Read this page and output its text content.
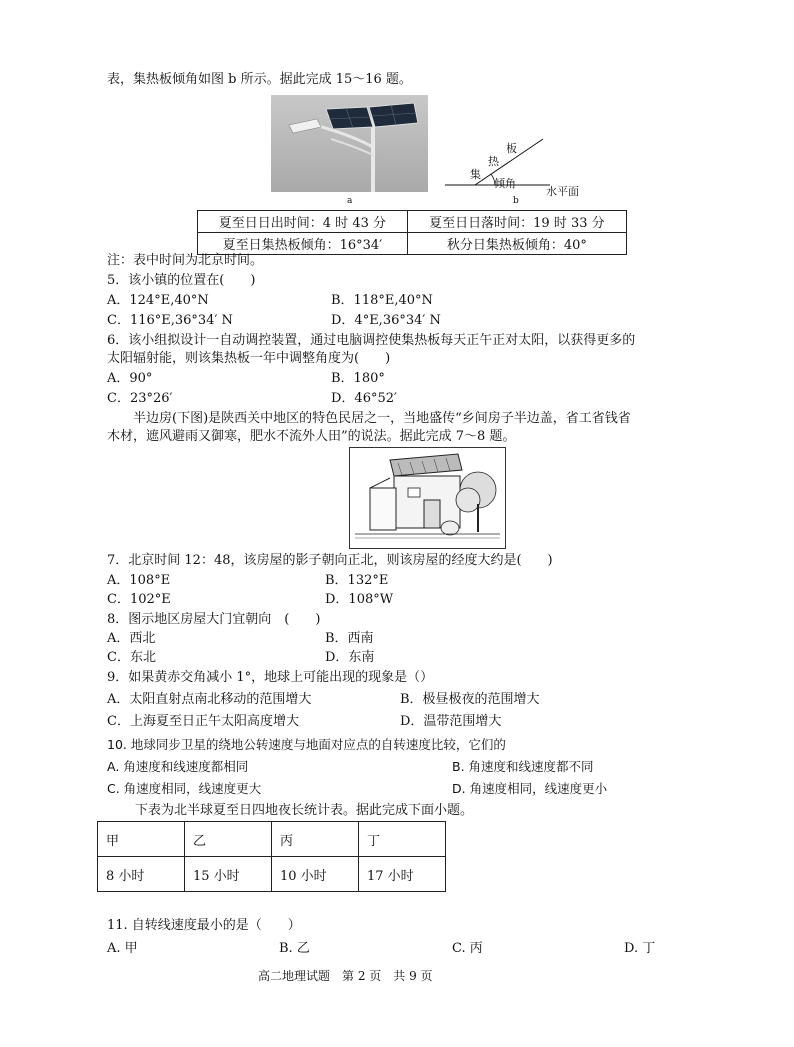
表，集热板倾角如图 b 所示。据此完成 15～16 题。
a
板
热
集
倾角
水平面
b
夏至日日出时间：4 时 43 分	夏至日日落时间：19 时 33 分
夏至日集热板倾角：16°34′	秋分日集热板倾角：40°
注：表中时间为北京时间。
5．该小镇的位置在(　　)
A．124°E,40°N	B．118°E,40°N
C．116°E,36°34′ N	D．4°E,36°34′ N
6．该小组拟设计一自动调控装置，通过电脑调控使集热板每天正午正对太阳，以获得更多的
太阳辐射能，则该集热板一年中调整角度为(　　)
A．90°	B．180°
C．23°26′	D．46°52′
半边房(下图)是陕西关中地区的特色民居之一，当地盛传“乡间房子半边盖，省工省钱省
木材，遮风避雨又御寒，肥水不流外人田”的说法。据此完成 7～8 题。
7．北京时间 12：48，该房屋的影子朝向正北，则该房屋的经度大约是(　　)
A．108°E	B．132°E
C．102°E	D．108°W
8．图示地区房屋大门宜朝向　(　　)
A．西北	B．西南
C．东北	D．东南
9．如果黄赤交角减小 1°，地球上可能出现的现象是（）
A．太阳直射点南北移动的范围增大	B．极昼极夜的范围增大
C．上海夏至日正午太阳高度增大	D．温带范围增大
10. 地球同步卫星的绕地公转速度与地面对应点的自转速度比较，它们的
A. 角速度和线速度都相同	B. 角速度和线速度都不同
C. 角速度相同，线速度更大	D. 角速度相同，线速度更小
下表为北半球夏至日四地夜长统计表。据此完成下面小题。
甲	乙	丙	丁
8 小时	15 小时	10 小时	17 小时
11. 自转线速度最小的是（　　）
A. 甲	B. 乙	C. 丙	D. 丁
高二地理试题　第 2 页　共 9 页
